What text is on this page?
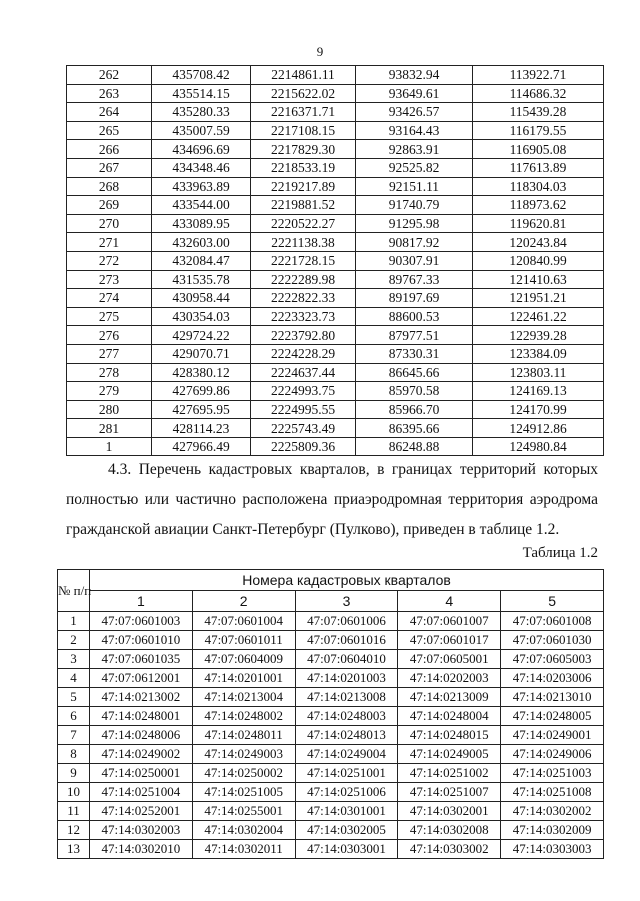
9
262	435708.42	2214861.11	93832.94	113922.71
263	435514.15	2215622.02	93649.61	114686.32
264	435280.33	2216371.71	93426.57	115439.28
265	435007.59	2217108.15	93164.43	116179.55
266	434696.69	2217829.30	92863.91	116905.08
267	434348.46	2218533.19	92525.82	117613.89
268	433963.89	2219217.89	92151.11	118304.03
269	433544.00	2219881.52	91740.79	118973.62
270	433089.95	2220522.27	91295.98	119620.81
271	432603.00	2221138.38	90817.92	120243.84
272	432084.47	2221728.15	90307.91	120840.99
273	431535.78	2222289.98	89767.33	121410.63
274	430958.44	2222822.33	89197.69	121951.21
275	430354.03	2223323.73	88600.53	122461.22
276	429724.22	2223792.80	87977.51	122939.28
277	429070.71	2224228.29	87330.31	123384.09
278	428380.12	2224637.44	86645.66	123803.11
279	427699.86	2224993.75	85970.58	124169.13
280	427695.95	2224995.55	85966.70	124170.99
281	428114.23	2225743.49	86395.66	124912.86
1	427966.49	2225809.36	86248.88	124980.84
4.3. Перечень кадастровых кварталов, в границах территорий которых полностью или частично расположена приаэродромная территория аэродрома гражданской авиации Санкт-Петербург (Пулково), приведен в таблице 1.2.
Таблица 1.2
№ п/п	Номера кадастровых кварталов				
	1	2	3	4	5
1	47:07:0601003	47:07:0601004	47:07:0601006	47:07:0601007	47:07:0601008
2	47:07:0601010	47:07:0601011	47:07:0601016	47:07:0601017	47:07:0601030
3	47:07:0601035	47:07:0604009	47:07:0604010	47:07:0605001	47:07:0605003
4	47:07:0612001	47:14:0201001	47:14:0201003	47:14:0202003	47:14:0203006
5	47:14:0213002	47:14:0213004	47:14:0213008	47:14:0213009	47:14:0213010
6	47:14:0248001	47:14:0248002	47:14:0248003	47:14:0248004	47:14:0248005
7	47:14:0248006	47:14:0248011	47:14:0248013	47:14:0248015	47:14:0249001
8	47:14:0249002	47:14:0249003	47:14:0249004	47:14:0249005	47:14:0249006
9	47:14:0250001	47:14:0250002	47:14:0251001	47:14:0251002	47:14:0251003
10	47:14:0251004	47:14:0251005	47:14:0251006	47:14:0251007	47:14:0251008
11	47:14:0252001	47:14:0255001	47:14:0301001	47:14:0302001	47:14:0302002
12	47:14:0302003	47:14:0302004	47:14:0302005	47:14:0302008	47:14:0302009
13	47:14:0302010	47:14:0302011	47:14:0303001	47:14:0303002	47:14:0303003
